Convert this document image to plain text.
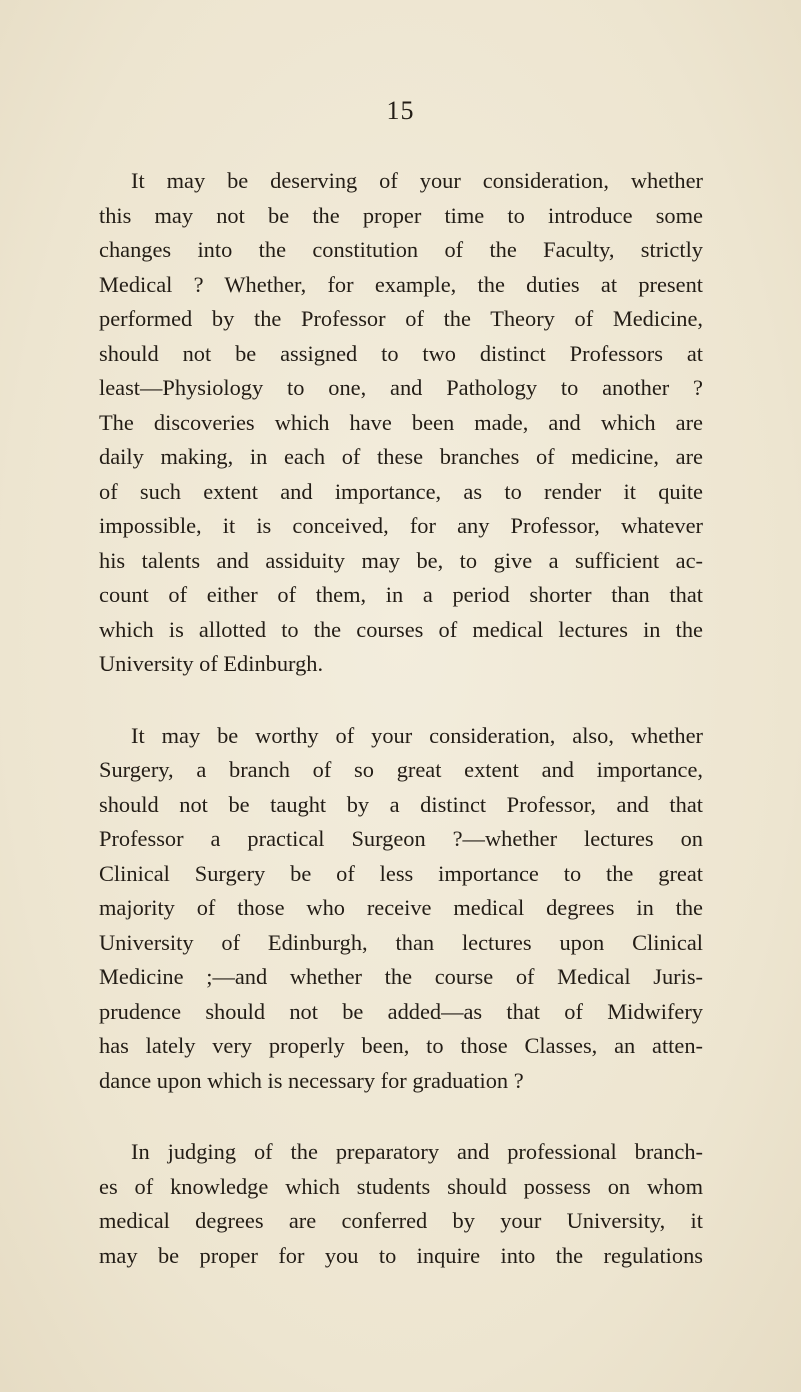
15
It may be deserving of your consideration, whether
this may not be the proper time to introduce some
changes into the constitution of the Faculty, strictly
Medical ? Whether, for example, the duties at present
performed by the Professor of the Theory of Medicine,
should not be assigned to two distinct Professors at
least—Physiology to one, and Pathology to another ?
The discoveries which have been made, and which are
daily making, in each of these branches of medicine, are
of such extent and importance, as to render it quite
impossible, it is conceived, for any Professor, whatever
his talents and assiduity may be, to give a sufficient ac-
count of either of them, in a period shorter than that
which is allotted to the courses of medical lectures in the
University of Edinburgh.
It may be worthy of your consideration, also, whether
Surgery, a branch of so great extent and importance,
should not be taught by a distinct Professor, and that
Professor a practical Surgeon ?—whether lectures on
Clinical Surgery be of less importance to the great
majority of those who receive medical degrees in the
University of Edinburgh, than lectures upon Clinical
Medicine ;—and whether the course of Medical Juris-
prudence should not be added—as that of Midwifery
has lately very properly been, to those Classes, an atten-
dance upon which is necessary for graduation ?
In judging of the preparatory and professional branch-
es of knowledge which students should possess on whom
medical degrees are conferred by your University, it
may be proper for you to inquire into the regulations
